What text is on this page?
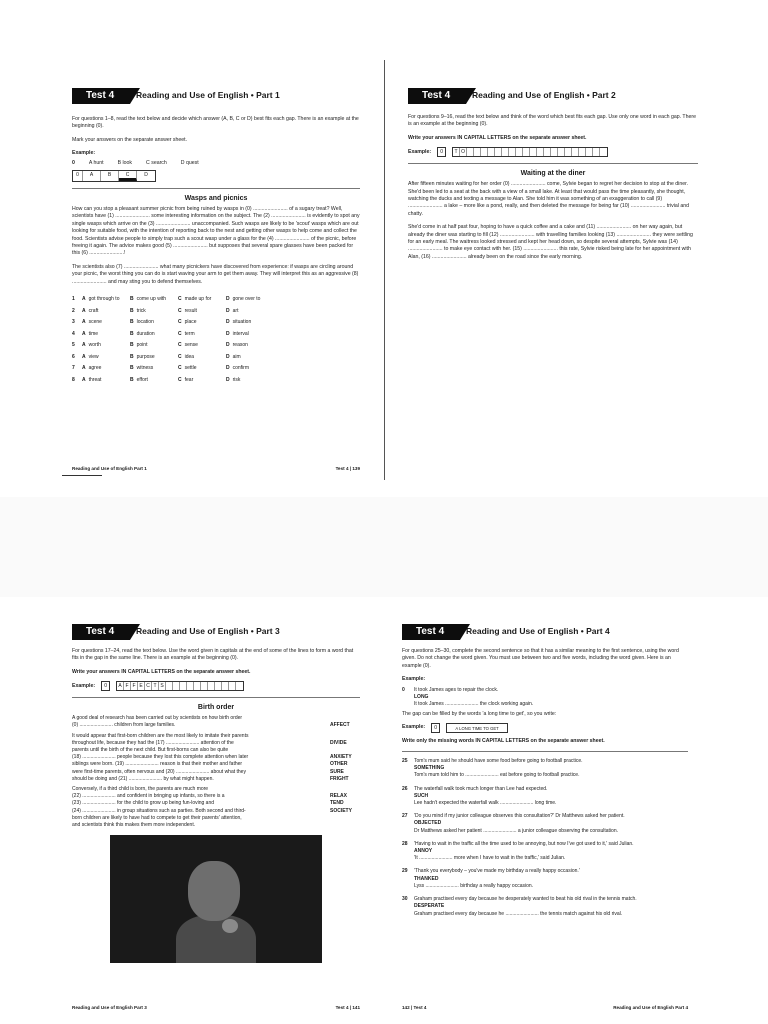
Test 4	Reading and Use of English • Part 1

For questions 1–8, read the text below and decide which answer (A, B, C or D) best fits each gap. There is an example at the beginning (0).

Mark your answers on the separate answer sheet.

Example:

0	A hunt	B look	C search	D quest
0	A	B	C	D
Wasps and picnics

How can you stop a pleasant summer picnic from being ruined by wasps in (0) ........................ of a sugary treat? Well, scientists have (1) ........................ some interesting information on the subject. The (2) ........................ is evidently to spot any single wasps which arrive on the (3) ........................ unaccompanied. Such wasps are likely to be 'scout' wasps which are out looking for suitable food, with the intention of reporting back to the nest and getting other wasps to help come and collect the food. Scientists advise people to simply trap such a scout wasp under a glass for the (4) ........................ of the picnic, before freeing it again. The advice makes good (5) ........................ but supposes that several spare glasses have been packed for this (6) ........................!

The scientists also (7) ........................ what many picnickers have discovered from experience: if wasps are circling around your picnic, the worst thing you can do is start waving your arm to get them away. They will interpret this as an aggressive (8) ........................ and may sting you to defend themselves.

1	A got through to	B come up with	C made up for	D gone over to
2	A craft	B trick	C result	D art
3	A scene	B location	C place	D situation
4	A time	B duration	C term	D interval
5	A worth	B point	C sense	D reason
6	A view	B purpose	C idea	D aim
7	A agree	B witness	C settle	D confirm
8	A threat	B effort	C fear	D risk
Reading and Use of English Part 1	Test 4 | 139
Test 4	Reading and Use of English • Part 2

For questions 9–16, read the text below and think of the word which best fits each gap. Use only one word in each gap. There is an example at the beginning (0).

Write your answers IN CAPITAL LETTERS on the separate answer sheet.

Example:	0	T O
Waiting at the diner

After fifteen minutes waiting for her order (0) ........................ come, Sylvie began to regret her decision to stop at the diner. She'd been led to a seat at the back with a view of a small lake. At least that would pass the time pleasantly, she thought, watching the ducks and texting a message to Alan. She told him it was something of an exaggeration to call (9) ........................ a lake – more like a pond, really, and then deleted the message for being far (10) ........................ trivial and chatty.

She'd come in at half past four, hoping to have a quick coffee and a cake and (11) ........................ on her way again, but already the diner was starting to fill (12) ........................ with travelling families looking (13) ........................ they were settling for an early meal. The waitress looked stressed and kept her head down, so despite several attempts, Sylvie was (14) ........................ to make eye contact with her. (15) ........................ this rate, Sylvie risked being late for her appointment with Alan, (16) ........................ already been on the road since the early morning.

Test 4	Reading and Use of English • Part 3

For questions 17–24, read the text below. Use the word given in capitals at the end of some of the lines to form a word that fits in the gap in the same line. There is an example at the beginning (0).

Write your answers IN CAPITAL LETTERS on the separate answer sheet.

Example:	0	A F F E C T S
Birth order
A good deal of research has been carried out by scientists on how birth order
(0) ........................ children from large families.	AFFECT
It would appear that first-born children are the most likely to imitate their parents
throughout life, because they had the (17) ........................ attention of the	DIVIDE
parents until the birth of the next child. But first-borns can also be quite
(18) ........................ people because they lost this complete attention when later	ANXIETY
siblings were born. (19) ........................ reason is that their mother and father	OTHER
were first-time parents, often nervous and (20) ........................ about what they	SURE
should be doing and (21) ........................ by what might happen.	FRIGHT
Conversely, if a third child is born, the parents are much more
(22) ........................ and confident in bringing up infants, so there is a	RELAX
(23) ........................ for the child to grow up being fun-loving and	TEND
(24) ........................ in group situations such as parties. Both second and third-	SOCIETY
born children are likely to have had to compete to get their parents' attention,
and scientists think this makes them more independent.
Reading and Use of English Part 3	Test 4 | 141
Test 4	Reading and Use of English • Part 4

For questions 25–30, complete the second sentence so that it has a similar meaning to the first sentence, using the word given. Do not change the word given. You must use between two and five words, including the word given. Here is an example (0).

Example:

0 It took James ages to repair the clock.
LONG
It took James ........................ the clock working again.

The gap can be filled by the words 'a long time to get', so you write:

Example:	0	A LONG TIME TO GET

Write only the missing words IN CAPITAL LETTERS on the separate answer sheet.

25 Tom's mum said he should have some food before going to football practice.
SOMETHING
Tom's mum told him to ........................ eat before going to football practice.
26 The waterfall walk took much longer than Lee had expected.
SUCH
Lee hadn't expected the waterfall walk ........................ long time.
27 'Do you mind if my junior colleague observes this consultation?' Dr Matthews asked her patient.
OBJECTED
Dr Matthews asked her patient ........................ a junior colleague observing the consultation.
28 'Having to wait in the traffic all the time used to be annoying, but now I've got used to it,' said Julian.
ANNOY
'It ........................ more when I have to wait in the traffic,' said Julian.
29 'Thank you everybody – you've made my birthday a really happy occasion.'
THANKED
Lyss ........................ birthday a really happy occasion.
30 Graham practised every day because he desperately wanted to beat his old rival in the tennis match.
DESPERATE
Graham practised every day because he ........................ the tennis match against his old rival.
142 | Test 4	Reading and Use of English Part 4
